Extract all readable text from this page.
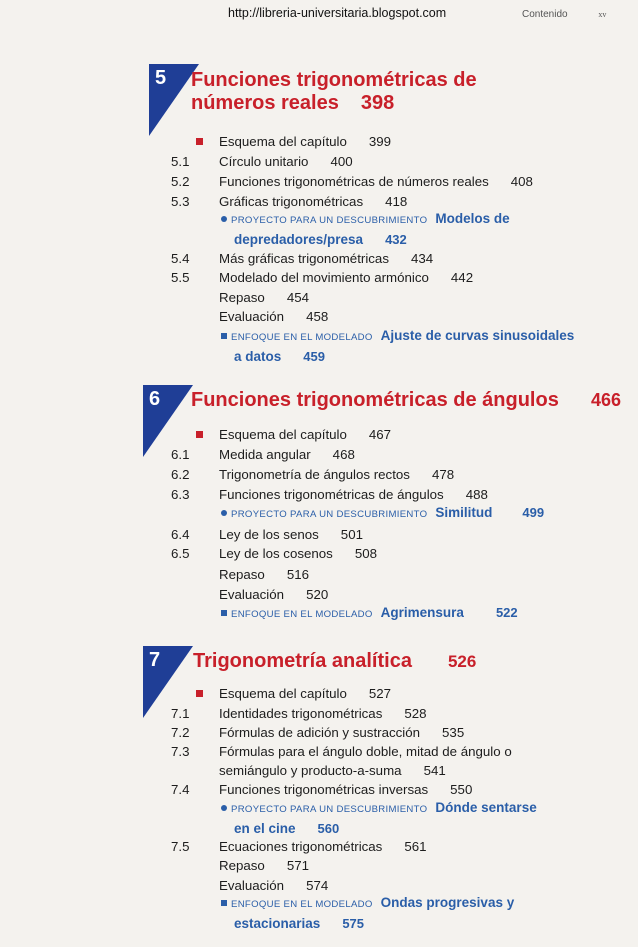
http://libreria-universitaria.blogspot.com	Contenido	xv
5 Funciones trigonométricas de
números reales 398
Esquema del capítulo 399
5.1 Círculo unitario 400
5.2 Funciones trigonométricas de números reales 408
5.3 Gráficas trigonométricas 418
PROYECTO PARA UN DESCUBRIMIENTO Modelos de
depredadores/presa 432
5.4 Más gráficas trigonométricas 434
5.5 Modelado del movimiento armónico 442
Repaso 454
Evaluación 458
ENFOQUE EN EL MODELADO Ajuste de curvas sinusoidales
a datos 459
6 Funciones trigonométricas de ángulos 466
Esquema del capítulo 467
6.1 Medida angular 468
6.2 Trigonometría de ángulos rectos 478
6.3 Funciones trigonométricas de ángulos 488
PROYECTO PARA UN DESCUBRIMIENTO Similitud 499
6.4 Ley de los senos 501
6.5 Ley de los cosenos 508
Repaso 516
Evaluación 520
ENFOQUE EN EL MODELADO Agrimensura 522
7 Trigonometría analítica 526
Esquema del capítulo 527
7.1 Identidades trigonométricas 528
7.2 Fórmulas de adición y sustracción 535
7.3 Fórmulas para el ángulo doble, mitad de ángulo o
semiángulo y producto-a-suma 541
7.4 Funciones trigonométricas inversas 550
PROYECTO PARA UN DESCUBRIMIENTO Dónde sentarse
en el cine 560
7.5 Ecuaciones trigonométricas 561
Repaso 571
Evaluación 574
ENFOQUE EN EL MODELADO Ondas progresivas y
estacionarias 575
